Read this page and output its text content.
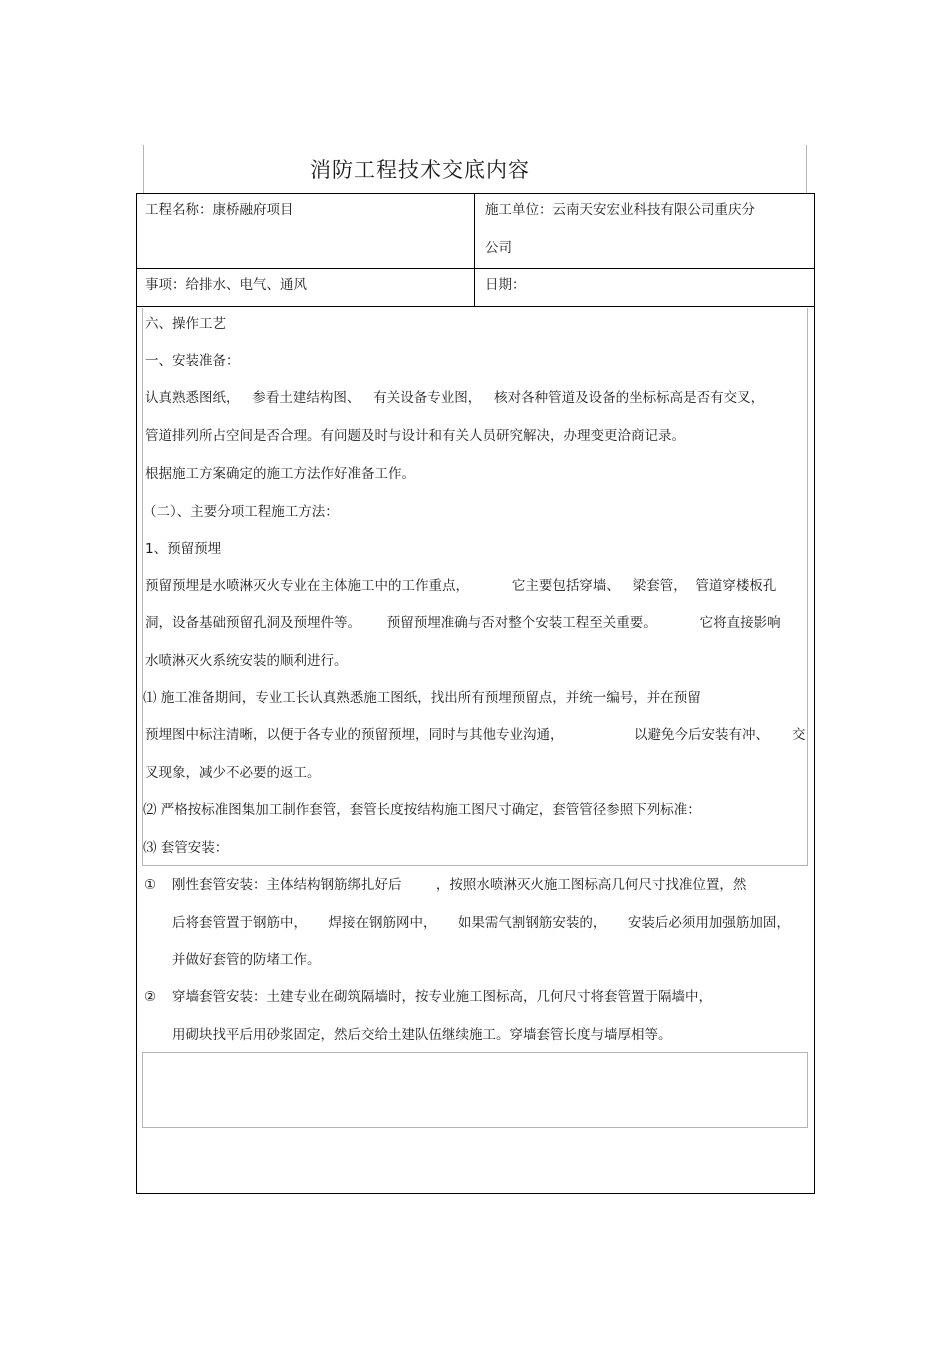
消防工程技术交底内容
工程名称：康桥融府项目	施工单位：云南天安宏业科技有限公司重庆分
公司
事项：给排水、电气、通风	日期：
六、操作工艺
一、安装准备：
认真熟悉图纸，   参看土建结构图、   有关设备专业图，   核对各种管道及设备的坐标标高是否有交叉，
管道排列所占空间是否合理。有问题及时与设计和有关人员研究解决，办理变更洽商记录。
根据施工方案确定的施工方法作好准备工作。
（二）、主要分项工程施工方法：
1、预留预埋
预留预埋是水喷淋灭火专业在主体施工中的工作重点，          它主要包括穿墙、   梁套管，  管道穿楼板孔
洞，设备基础预留孔洞及预埋件等。      预留预埋准确与否对整个安装工程至关重要。          它将直接影响
水喷淋灭火系统安装的顺利进行。
⑴ 施工准备期间，专业工长认真熟悉施工图纸，找出所有预埋预留点，并统一编号，并在预留
预埋图中标注清晰，以便于各专业的预留预埋，同时与其他专业沟通，	以避免今后安装有冲、 交
叉现象，减少不必要的返工。
⑵ 严格按标准图集加工制作套管，套管长度按结构施工图尺寸确定，套管管径参照下列标准：
⑶ 套管安装：
① 刚性套管安装：主体结构钢筋绑扎好后        ，按照水喷淋灭火施工图标高几何尺寸找准位置，然
后将套管置于钢筋中，     焊接在钢筋网中，     如果需气割钢筋安装的，     安装后必须用加强筋加固，
并做好套管的防堵工作。
② 穿墙套管安装：土建专业在砌筑隔墙时，按专业施工图标高，几何尺寸将套管置于隔墙中，
用砌块找平后用砂浆固定，然后交给土建队伍继续施工。穿墙套管长度与墙厚相等。
